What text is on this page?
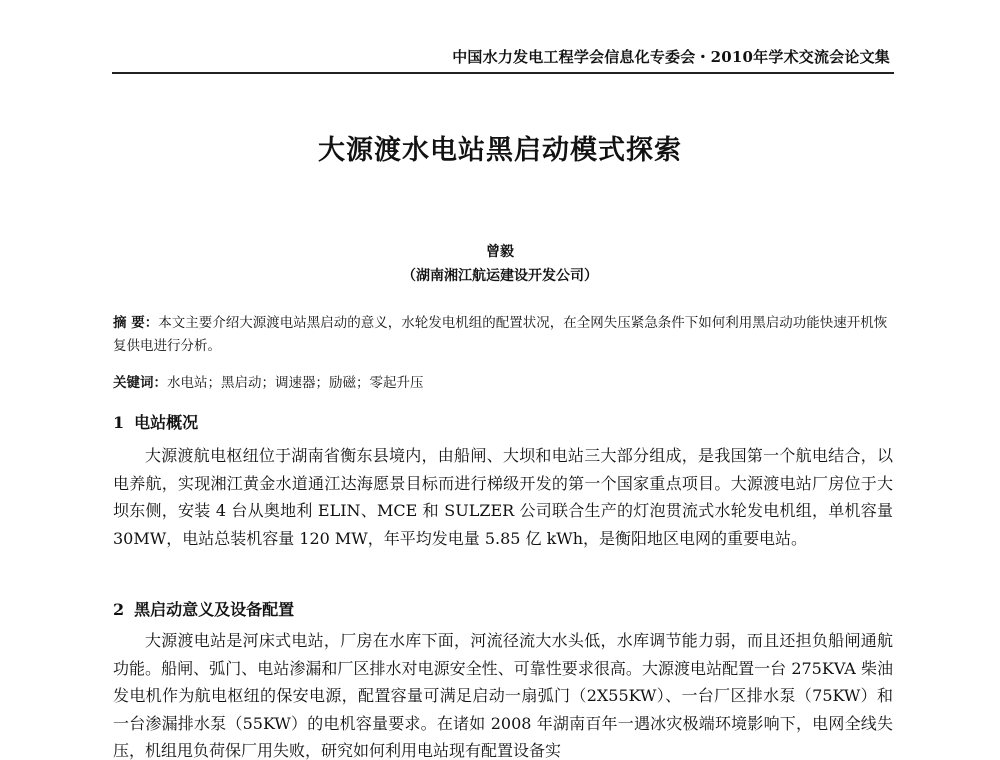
中国水力发电工程学会信息化专委会・2010年学术交流会论文集
大源渡水电站黑启动模式探索
曾毅
（湖南湘江航运建设开发公司）

摘 要：本文主要介绍大源渡电站黑启动的意义，水轮发电机组的配置状况，在全网失压紧急条件下如何利用黑启动功能快速开机恢复供电进行分析。

关键词：水电站；黑启动；调速器；励磁；零起升压

1 电站概况

大源渡航电枢纽位于湖南省衡东县境内，由船闸、大坝和电站三大部分组成，是我国第一个航电结合，以电养航，实现湘江黄金水道通江达海愿景目标而进行梯级开发的第一个国家重点项目。大源渡电站厂房位于大坝东侧，安装 4 台从奥地利 ELIN、MCE 和 SULZER 公司联合生产的灯泡贯流式水轮发电机组，单机容量 30MW，电站总装机容量 120 MW，年平均发电量 5.85 亿 kWh，是衡阳地区电网的重要电站。

2 黑启动意义及设备配置

大源渡电站是河床式电站，厂房在水库下面，河流径流大水头低，水库调节能力弱，而且还担负船闸通航功能。船闸、弧门、电站渗漏和厂区排水对电源安全性、可靠性要求很高。大源渡电站配置一台 275KVA 柴油发电机作为航电枢纽的保安电源，配置容量可满足启动一扇弧门（2X55KW）、一台厂区排水泵（75KW）和一台渗漏排水泵（55KW）的电机容量要求。在诸如 2008 年湖南百年一遇冰灾极端环境影响下，电网全线失压，机组甩负荷保厂用失败，研究如何利用电站现有配置设备实
